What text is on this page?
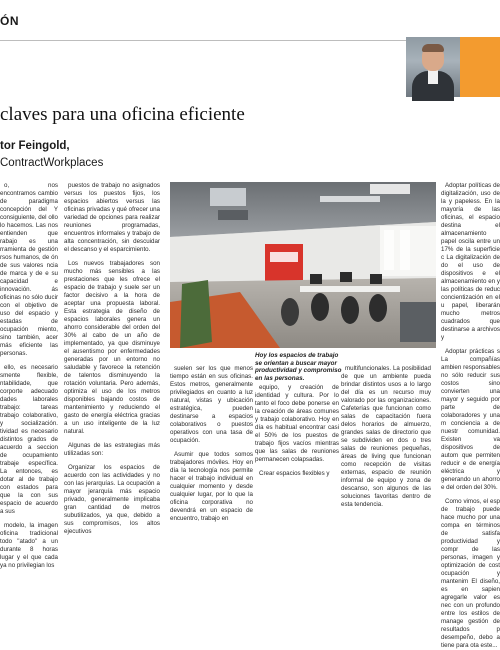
ÓN
claves para una oficina eficiente
tor Feingold,
ContractWorkplaces

o, nos encontramos cambio de paradigma concepción del Y consiguiente, del ollo lo hacemos. Las nos entienden que rabajo es una rramienta de gestión rsos humanos, de ón de sus valores ncia de marca y de e su capacidad e innovación. ás oficinas no sólo ducir con el objetivo de uso del espacio y estadas de ocupación miento, sino también, acer más eficiente las personas.

ello, es necesario smente flexible, ntabilidade, que corporte adecuado dades laborales trabajo: tareas trabajo colaborativo, y socialización. tividad es necesario distintos grados de acuerdo a seccion de ocupamiento trabaje específica. La entonces, es dotar al de trabajo con estados para que la con sus espacio de acuerdo a sus

modelo, la imagen oficina tradicional todo "atado" a un durante 8 horas lugar y el que cada ya no privilegian los

puestos de trabajo no asignados versus los puestos fijos, los espacios abiertos versus las oficinas privadas y qué ofrecer una variedad de opciones para realizar reuniones programadas, encuentros informales y trabajo de alta concentración, sin descuidar el descanso y el esparcimiento.

Los nuevos trabajadores son mucho más sensibles a las prestaciones que les ofrece el espacio de trabajo y suele ser un factor decisivo a la hora de aceptar una propuesta laboral. Esta estrategia de diseño de espacios laborales genera un ahorro considerable del orden del 30% al cabo de un año de implementado, ya que disminuye el ausentismo por enfermedades generadas por un entorno no saludable y favorece la retención de talentos disminuyendo la rotación voluntaria. Pero además, optimiza el uso de los metros disponibles bajando costos de mantenimiento y reduciendo el gasto de energía eléctrica gracias a un uso inteligente de la luz natural.

Algunas de las estrategias más utilizadas son:

Organizar los espacios de acuerdo con las actividades y no con las jerarquías. La ocupación a mayor jerarquía más espacio privado, generalmente implicaba gran cantidad de metros subutilizados, ya que, debido a sus compromisos, los altos ejecutivos

Hoy los espacios de trabajo se orientan a buscar mayor productividad y compromiso en las personas.

suelen ser los que menos tiempo están en sus oficinas. Estos metros, generalmente privilegiados en cuanto a luz natural, vistas y ubicación estratégica, pueden destinarse a espacios colaborativos o puestos operativos con una tasa de ocupación.

Asumir que todos somos trabajadores móviles. Hoy en día la tecnología nos permite hacer el trabajo individual en cualquier momento y desde cualquier lugar, por lo que la oficina corporativa no devendrá en un espacio de encuentro, trabajo en

equipo, y creación de identidad y cultura. Por lo tanto el foco debe ponerse en la creación de áreas comunes y trabajo colaborativo. Hoy en día es habitual encontrar casi el 50% de los puestos de trabajo fijos vacíos mientras que las salas de reuniones permanecen colapsadas.

Crear espacios flexibles y

multifuncionales. La posibilidad de que un ambiente pueda brindar distintos usos a lo largo del día es un recurso muy valorado por las organizaciones. Cafeterías que funcionan como salas de capacitación fuera delos horarios de almuerzo, grandes salas de directorio que se subdividen en dos o tres salas de reuniones pequeñas, áreas de living que funcionan como recepción de visitas externas, espacio de reunión informal de equipo y zona de descanso, son algunos de las soluciones favoritas dentro de esta tendencia.

Adoptar políticas de digitalización, uso de la y papeless. En la mayoría de las oficinas, el espacio destina el almacenamiento papel oscila entre un 17% de la superficie c La digitalización de do el uso de dispositivos e el almacenamiento en y las políticas de reduc concientización en el u papel, liberarán mucho metros cuadrados que destinarse a archivos y

Adoptar prácticas s La compañías ambien responsables no sólo reducir sus costos sino convierten una mayor y seguido por parte de colaboradores y una m conciencia a de nuestr comunidad. Existen va dispositivos de autom que permiten reducir e de energía eléctrica y generando un ahorro e del orden del 30%.

Como vimos, el esp de trabajo puede hace mucho por una compa en términos de satisfa productividad y compr de las personas, imagen y optimización de cost ocupación y mantenim El diseño, es en sapien agregarle valor es nec con un profundo entre los estilos de manage gestión de resultados p desempeño, debo a tiene para ota este...
